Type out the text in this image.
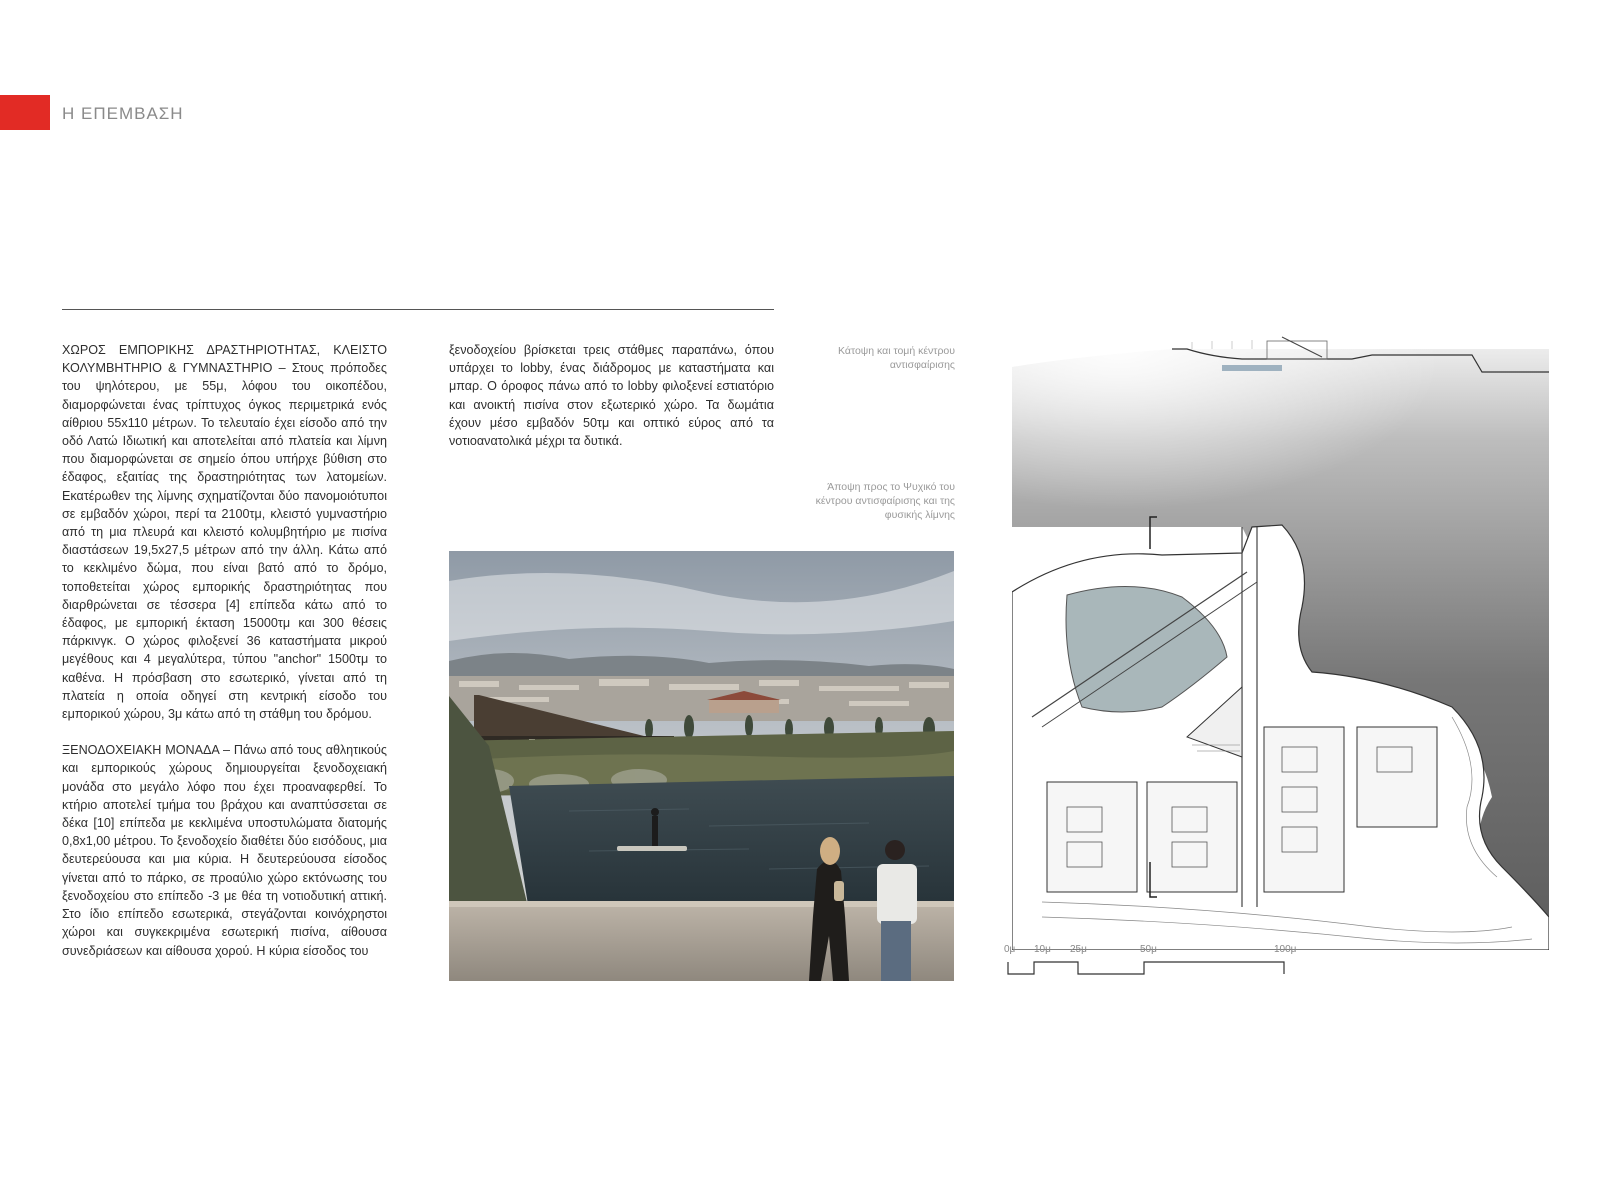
Η ΕΠΕΜΒΑΣΗ

ΧΩΡΟΣ ΕΜΠΟΡΙΚΗΣ ΔΡΑΣΤΗΡΙΟΤΗΤΑΣ, ΚΛΕΙΣΤΟ ΚΟΛΥΜΒΗΤΗΡΙΟ & ΓΥΜΝΑΣΤΗΡΙΟ – Στους πρόποδες του ψηλότερου, με 55μ, λόφου του οικοπέδου, διαμορφώνεται ένας τρίπτυχος όγκος περιμετρικά ενός αίθριου 55x110 μέτρων. Το τελευταίο έχει είσοδο από την οδό Λατώ Ιδιωτική και αποτελείται από πλατεία και λίμνη που διαμορφώνεται σε σημείο όπου υπήρχε βύθιση στο έδαφος, εξαιτίας της δραστηριότητας των λατομείων. Εκατέρωθεν της λίμνης σχηματίζονται δύο πανομοιότυποι σε εμβαδόν χώροι, περί τα 2100τμ, κλειστό γυμναστήριο από τη μια πλευρά και κλειστό κολυμβητήριο με πισίνα διαστάσεων 19,5x27,5 μέτρων από την άλλη. Κάτω από το κεκλιμένο δώμα, που είναι βατό από το δρόμο, τοποθετείται χώρος εμπορικής δραστηριότητας που διαρθρώνεται σε τέσσερα [4] επίπεδα κάτω από το έδαφος, με εμπορική έκταση 15000τμ και 300 θέσεις πάρκινγκ. Ο χώρος φιλοξενεί 36 καταστήματα μικρού μεγέθους και 4 μεγαλύτερα, τύπου "anchor" 1500τμ το καθένα. Η πρόσβαση στο εσωτερικό, γίνεται από τη πλατεία η οποία οδηγεί στη κεντρική είσοδο του εμπορικού χώρου, 3μ κάτω από τη στάθμη του δρόμου.

ΞΕΝΟΔΟΧΕΙΑΚΗ ΜΟΝΑΔΑ – Πάνω από τους αθλητικούς και εμπορικούς χώρους δημιουργείται ξενοδοχειακή μονάδα στο μεγάλο λόφο που έχει προαναφερθεί. Το κτήριο αποτελεί τμήμα του βράχου και αναπτύσσεται σε δέκα [10] επίπεδα με κεκλιμένα υποστυλώματα διατομής 0,8x1,00 μέτρου. Το ξενοδοχείο διαθέτει δύο εισόδους, μια δευτερεύουσα και μια κύρια. Η δευτερεύουσα είσοδος γίνεται από το πάρκο, σε προαύλιο χώρο εκτόνωσης του ξενοδοχείου στο επίπεδο -3 με θέα τη νοτιοδυτική αττική. Στο ίδιο επίπεδο εσωτερικά, στεγάζονται κοινόχρηστοι χώροι και συγκεκριμένα εσωτερική πισίνα, αίθουσα συνεδριάσεων και αίθουσα χορού. Η κύρια είσοδος του

ξενοδοχείου βρίσκεται τρεις στάθμες παραπάνω, όπου υπάρχει το lobby, ένας διάδρομος με καταστήματα και μπαρ. Ο όροφος πάνω από το lobby φιλοξενεί εστιατόριο και ανοικτή πισίνα στον εξωτερικό χώρο. Τα δωμάτια έχουν μέσο εμβαδόν 50τμ και οπτικό εύρος από τα νοτιοανατολικά μέχρι τα δυτικά.

Κάτοψη και τομή κέντρου αντισφαίρισης
Άποψη προς το Ψυχικό του κέντρου αντισφαίρισης και της φυσικής λίμνης
0μ 10μ 25μ	50μ	100μ
